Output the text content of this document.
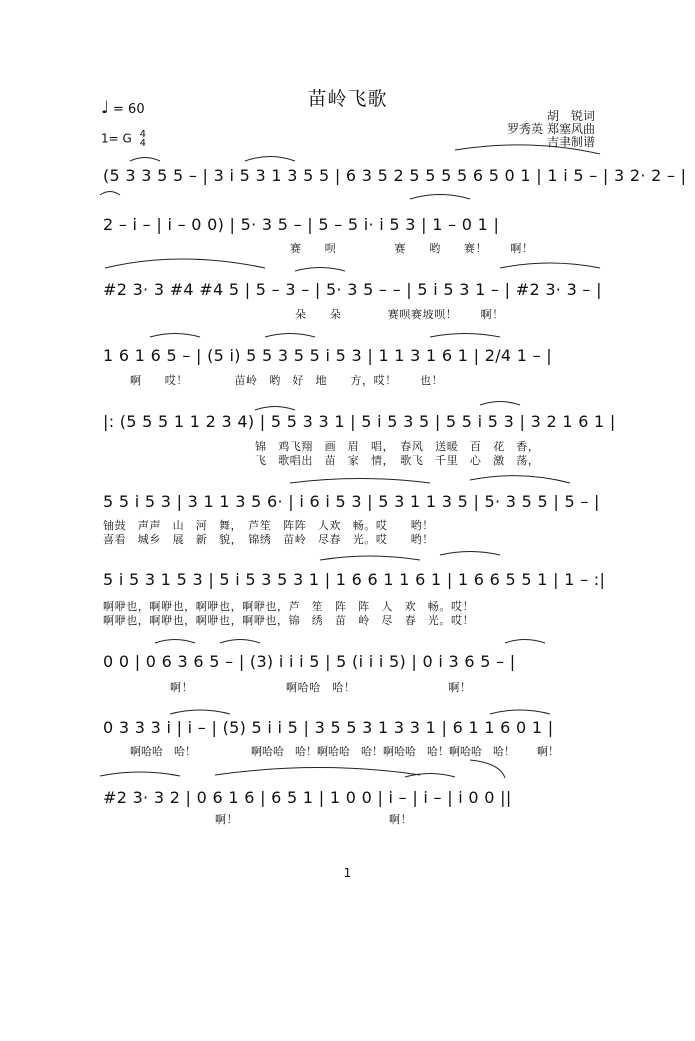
苗岭飞歌
♩ = 60
1= G 4
4
胡　锐词
罗秀英 郑塞风曲
吉聿制谱
(5 3 3 5 5 – | 3 i 5 3 1 3 5 5 | 6 3 5 2 5 5 5 5 6 5 0 1 | 1 i 5 – | 3 2· 2 – |
2 – i – | i – 0 0) | 5· 3 5 – | 5 – 5 i· i 5 3 | 1 – 0 1 |
赛　　呗　　　　　赛　　哟　　赛！　　啊！
#2 3· 3 #4 #4 5 | 5 – 3 – | 5· 3 5 – – | 5 i 5 3 1 – | #2 3· 3 – |
朵　　朵　　　　赛呗赛坡呗！　　啊！
1 6 1 6 5 – | (5 i) 5 5 3 5 5 i 5 3 | 1 1 3 1 6 1 | 2/4 1 – |
啊　　哎！　　　　苗岭　哟　好　地　　方，哎！　　也！
|: (5 5 5 1 1 2 3 4) | 5 5 3 3 1 | 5 i 5 3 5 | 5 5 i 5 3 | 3 2 1 6 1 |
锦　鸡飞翔　画　眉　唱，　春风　送暖　百　花　香，
飞　歌唱出　苗　家　情，　歌飞　千里　心　激　荡，
5 5 i 5 3 | 3 1 1 3 5 6· | i 6 i 5 3 | 5 3 1 1 3 5 | 5· 3 5 5 | 5 – |
铀鼓　声声　山　河　舞，　芦笙　阵阵　人欢　畅。哎　　哟！
喜看　城乡　展　新　貌，　锦绣　苗岭　尽春　光。哎　　哟！
5 i 5 3 1 5 3 | 5 i 5 3 5 3 1 | 1 6 6 1 1 6 1 | 1 6 6 5 5 1 | 1 – :|
啊咿也，啊咿也，啊咿也，啊咿也，芦　笙　阵　阵　人　欢　畅。哎！
啊咿也，啊咿也，啊咿也，啊咿也，锦　绣　苗　岭　尽　春　光。哎！
0 0 | 0 6 3 6 5 – | (3) i i i 5 | 5 (i i i 5) | 0 i 3 6 5 – |
啊！　　　　　　　　啊哈哈　哈！　　　　　　　　啊！
0 3 3 3 i | i – | (5) 5 i i 5 | 3 5 5 3 1 3 3 1 | 6 1 1 6 0 1 |
啊哈哈　哈！　　　　　啊哈哈　哈！啊哈哈　哈！啊哈哈　哈！啊哈哈　哈！　　啊！
#2 3· 3 2 | 0 6 1 6 | 6 5 1 | 1 0 0 | i – | i – | i 0 0 ||
啊！　　　　　　　　　　　　　啊！
1
